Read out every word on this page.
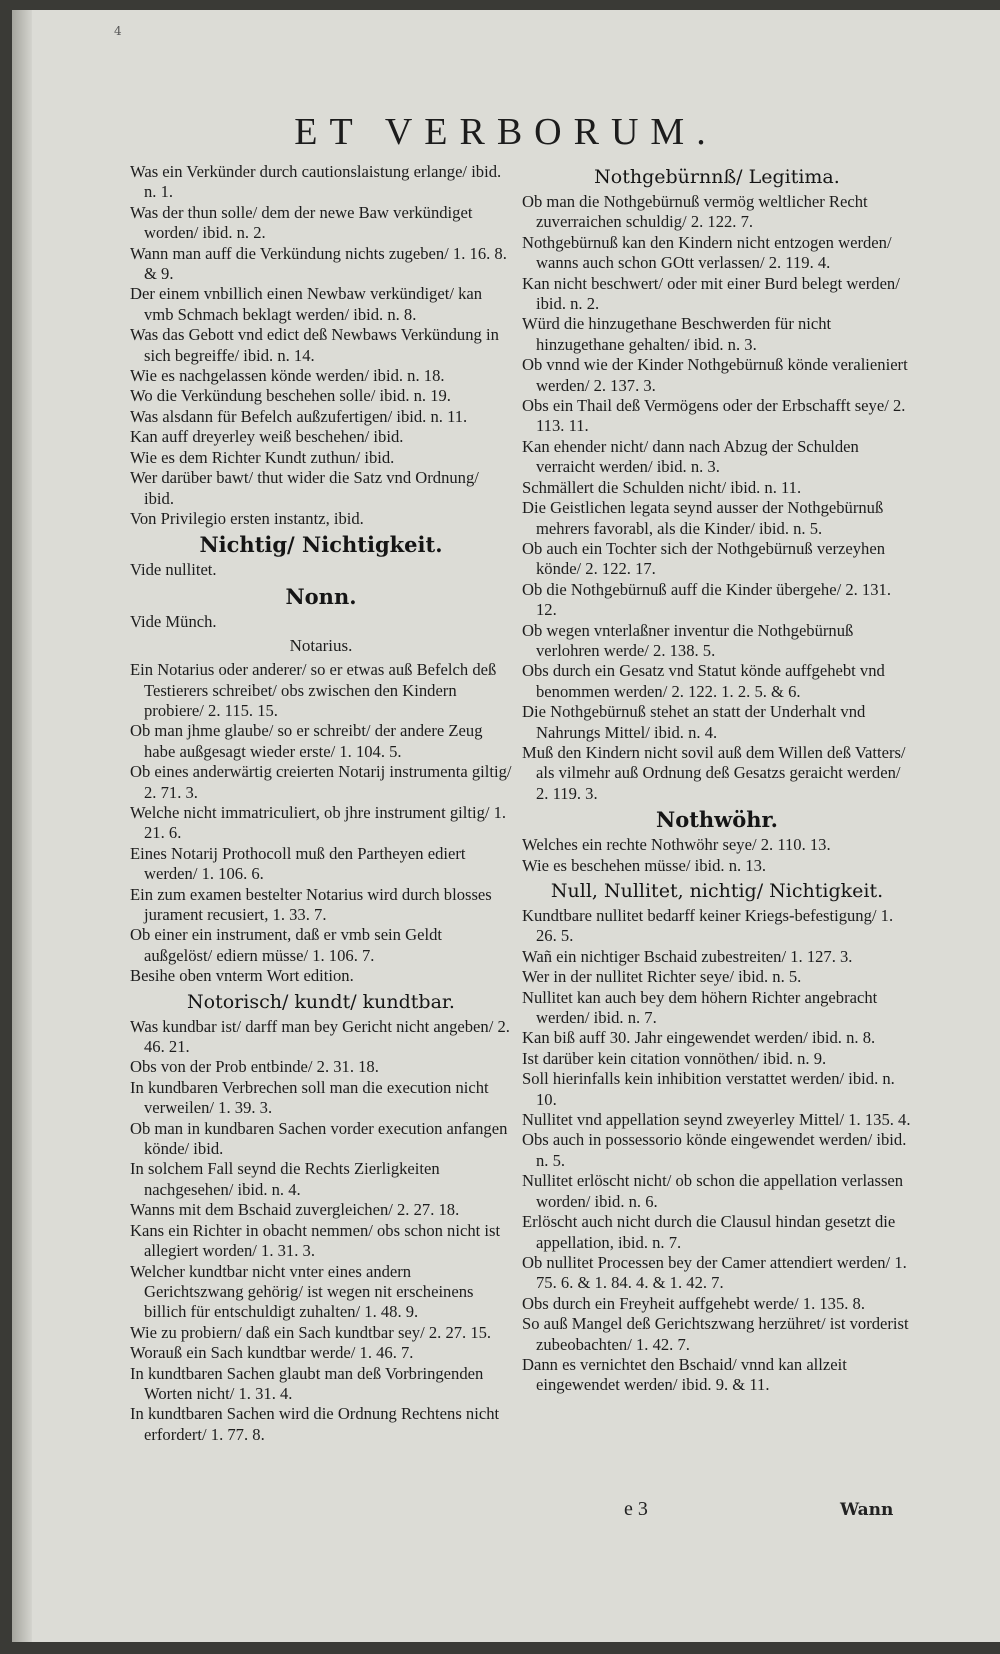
4
ET VERBORUM.

Was ein Verkünder durch cautionslaistung erlange/ ibid. n. 1.

Was der thun solle/ dem der newe Baw verkündiget worden/ ibid. n. 2.

Wann man auff die Verkündung nichts zugeben/ 1. 16. 8. & 9.

Der einem vnbillich einen Newbaw verkündiget/ kan vmb Schmach beklagt werden/ ibid. n. 8.

Was das Gebott vnd edict deß Newbaws Verkündung in sich begreiffe/ ibid. n. 14.

Wie es nachgelassen könde werden/ ibid. n. 18.

Wo die Verkündung beschehen solle/ ibid. n. 19.

Was alsdann für Befelch außzufertigen/ ibid. n. 11.

Kan auff dreyerley weiß beschehen/ ibid.

Wie es dem Richter Kundt zuthun/ ibid.

Wer darüber bawt/ thut wider die Satz vnd Ordnung/ ibid.

Von Privilegio ersten instantz, ibid.

Nichtig/ Nichtigkeit.

Vide nullitet.

Nonn.

Vide Münch.

Notarius.

Ein Notarius oder anderer/ so er etwas auß Befelch deß Testierers schreibet/ obs zwischen den Kindern probiere/ 2. 115. 15.

Ob man jhme glaube/ so er schreibt/ der andere Zeug habe außgesagt wieder erste/ 1. 104. 5.

Ob eines anderwärtig creierten Notarij instrumenta giltig/ 2. 71. 3.

Welche nicht immatriculiert, ob jhre instrument giltig/ 1. 21. 6.

Eines Notarij Prothocoll muß den Partheyen ediert werden/ 1. 106. 6.

Ein zum examen bestelter Notarius wird durch blosses jurament recusiert, 1. 33. 7.

Ob einer ein instrument, daß er vmb sein Geldt außgelöst/ ediern müsse/ 1. 106. 7.

Besihe oben vnterm Wort edition.

Notorisch/ kundt/ kundtbar.

Was kundbar ist/ darff man bey Gericht nicht angeben/ 2. 46. 21.

Obs von der Prob entbinde/ 2. 31. 18.

In kundbaren Verbrechen soll man die execution nicht verweilen/ 1. 39. 3.

Ob man in kundbaren Sachen vorder execution anfangen könde/ ibid.

In solchem Fall seynd die Rechts Zierligkeiten nachgesehen/ ibid. n. 4.

Wanns mit dem Bschaid zuvergleichen/ 2. 27. 18.

Kans ein Richter in obacht nemmen/ obs schon nicht ist allegiert worden/ 1. 31. 3.

Welcher kundtbar nicht vnter eines andern Gerichtszwang gehörig/ ist wegen nit erscheinens billich für entschuldigt zuhalten/ 1. 48. 9.

Wie zu probiern/ daß ein Sach kundtbar sey/ 2. 27. 15.

Worauß ein Sach kundtbar werde/ 1. 46. 7.

In kundtbaren Sachen glaubt man deß Vorbringenden Worten nicht/ 1. 31. 4.

In kundtbaren Sachen wird die Ordnung Rechtens nicht erfordert/ 1. 77. 8.

Nothgebürnnß/ Legitima.

Ob man die Nothgebürnuß vermög weltlicher Recht zuverraichen schuldig/ 2. 122. 7.

Nothgebürnuß kan den Kindern nicht entzogen werden/ wanns auch schon GOtt verlassen/ 2. 119. 4.

Kan nicht beschwert/ oder mit einer Burd belegt werden/ ibid. n. 2.

Würd die hinzugethane Beschwerden für nicht hinzugethane gehalten/ ibid. n. 3.

Ob vnnd wie der Kinder Nothgebürnuß könde veralieniert werden/ 2. 137. 3.

Obs ein Thail deß Vermögens oder der Erbschafft seye/ 2. 113. 11.

Kan ehender nicht/ dann nach Abzug der Schulden verraicht werden/ ibid. n. 3.

Schmällert die Schulden nicht/ ibid. n. 11.

Die Geistlichen legata seynd ausser der Nothgebürnuß mehrers favorabl, als die Kinder/ ibid. n. 5.

Ob auch ein Tochter sich der Nothgebürnuß verzeyhen könde/ 2. 122. 17.

Ob die Nothgebürnuß auff die Kinder übergehe/ 2. 131. 12.

Ob wegen vnterlaßner inventur die Nothgebürnuß verlohren werde/ 2. 138. 5.

Obs durch ein Gesatz vnd Statut könde auffgehebt vnd benommen werden/ 2. 122. 1. 2. 5. & 6.

Die Nothgebürnuß stehet an statt der Underhalt vnd Nahrungs Mittel/ ibid. n. 4.

Muß den Kindern nicht sovil auß dem Willen deß Vatters/ als vilmehr auß Ordnung deß Gesatzs geraicht werden/ 2. 119. 3.

Nothwöhr.

Welches ein rechte Nothwöhr seye/ 2. 110. 13.

Wie es beschehen müsse/ ibid. n. 13.

Null, Nullitet, nichtig/ Nichtigkeit.

Kundtbare nullitet bedarff keiner Kriegs-befestigung/ 1. 26. 5.

Wañ ein nichtiger Bschaid zubestreiten/ 1. 127. 3.

Wer in der nullitet Richter seye/ ibid. n. 5.

Nullitet kan auch bey dem höhern Richter angebracht werden/ ibid. n. 7.

Kan biß auff 30. Jahr eingewendet werden/ ibid. n. 8.

Ist darüber kein citation vonnöthen/ ibid. n. 9.

Soll hierinfalls kein inhibition verstattet werden/ ibid. n. 10.

Nullitet vnd appellation seynd zweyerley Mittel/ 1. 135. 4.

Obs auch in possessorio könde eingewendet werden/ ibid. n. 5.

Nullitet erlöscht nicht/ ob schon die appellation verlassen worden/ ibid. n. 6.

Erlöscht auch nicht durch die Clausul hindan gesetzt die appellation, ibid. n. 7.

Ob nullitet Processen bey der Camer attendiert werden/ 1. 75. 6. & 1. 84. 4. & 1. 42. 7.

Obs durch ein Freyheit auffgehebt werde/ 1. 135. 8.

So auß Mangel deß Gerichtszwang herzühret/ ist vorderist zubeobachten/ 1. 42. 7.

Dann es vernichtet den Bschaid/ vnnd kan allzeit eingewendet werden/ ibid. 9. & 11.

e 3	Wann
